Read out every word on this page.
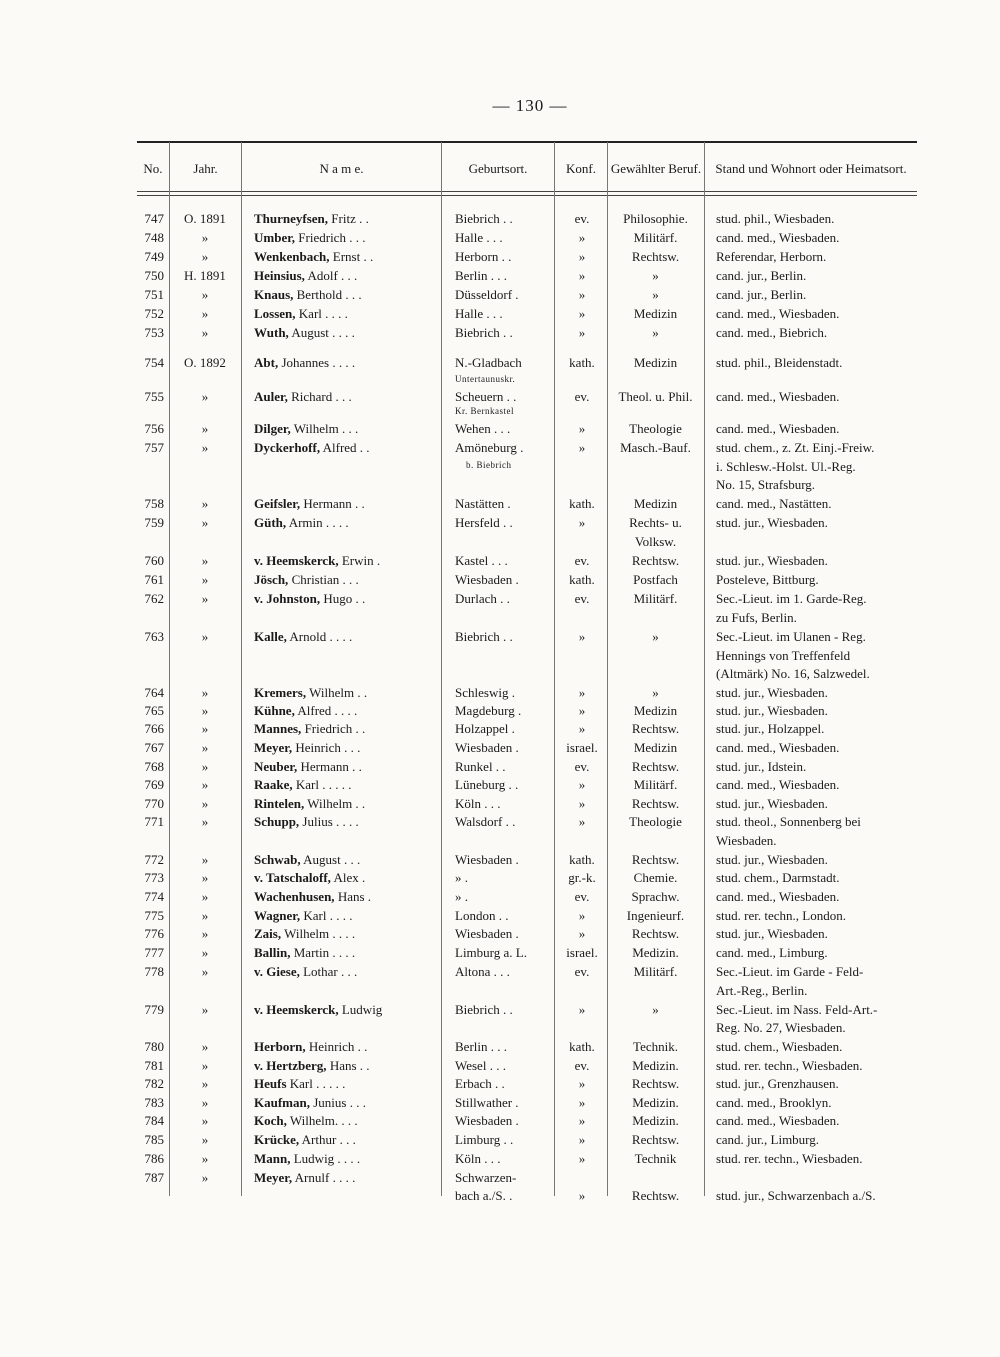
— 130 —
No.	Jahr.	N a m e.	Geburtsort.	Konf.	Gewählter Beruf.	Stand und Wohnort oder Heimatsort.
747	O. 1891	Thurneyfsen, Fritz . .	Biebrich . .	ev.	Philosophie.	stud. phil., Wiesbaden.
748	»	Umber, Friedrich . . .	Halle . . .	»	Militärf.	cand. med., Wiesbaden.
749	»	Wenkenbach, Ernst . .	Herborn . .	»	Rechtsw.	Referendar, Herborn.
750	H. 1891	Heinsius, Adolf . . .	Berlin . . .	»	»	cand. jur., Berlin.
751	»	Knaus, Berthold . . .	Düsseldorf .	»	»	cand. jur., Berlin.
752	»	Lossen, Karl . . . .	Halle . . .	»	Medizin	cand. med., Wiesbaden.
753	»	Wuth, August . . . .	Biebrich . .	»	»	cand. med., Biebrich.
754	O. 1892	Abt, Johannes . . . .	N.-Gladbach	kath.	Medizin	stud. phil., Bleidenstadt.
755	»	Auler, Richard . . .	Scheuern . .	ev.	Theol. u. Phil.	cand. med., Wiesbaden.
756	»	Dilger, Wilhelm . . .	Wehen . . .	»	Theologie	cand. med., Wiesbaden.
757	»	Dyckerhoff, Alfred . .	Amöneburg .	»	Masch.-Bauf.	stud. chem., z. Zt. Einj.-Freiw.
i. Schlesw.-Holst. Ul.-Reg.
No. 15, Strafsburg.
758	»	Geifsler, Hermann . .	Nastätten .	kath.	Medizin	cand. med., Nastätten.
759	»	Güth, Armin . . . .	Hersfeld . .	»	Rechts- u.	stud. jur., Wiesbaden.
Volksw.
760	»	v. Heemskerck, Erwin .	Kastel . . .	ev.	Rechtsw.	stud. jur., Wiesbaden.
761	»	Jösch, Christian . . .	Wiesbaden .	kath.	Postfach	Posteleve, Bittburg.
762	»	v. Johnston, Hugo . .	Durlach . .	ev.	Militärf.	Sec.-Lieut. im 1. Garde-Reg.
zu Fufs, Berlin.
763	»	Kalle, Arnold . . . .	Biebrich . .	»	»	Sec.-Lieut. im Ulanen - Reg.
Hennings von Treffenfeld
(Altmärk) No. 16, Salzwedel.
764	»	Kremers, Wilhelm . .	Schleswig .	»	»	stud. jur., Wiesbaden.
765	»	Kühne, Alfred . . . .	Magdeburg .	»	Medizin	stud. jur., Wiesbaden.
766	»	Mannes, Friedrich . .	Holzappel .	»	Rechtsw.	stud. jur., Holzappel.
767	»	Meyer, Heinrich . . .	Wiesbaden .	israel.	Medizin	cand. med., Wiesbaden.
768	»	Neuber, Hermann . .	Runkel . .	ev.	Rechtsw.	stud. jur., Idstein.
769	»	Raake, Karl . . . . .	Lüneburg . .	»	Militärf.	cand. med., Wiesbaden.
770	»	Rintelen, Wilhelm . .	Köln . . .	»	Rechtsw.	stud. jur., Wiesbaden.
771	»	Schupp, Julius . . . .	Walsdorf . .	»	Theologie	stud. theol., Sonnenberg bei
Wiesbaden.
772	»	Schwab, August . . .	Wiesbaden .	kath.	Rechtsw.	stud. jur., Wiesbaden.
773	»	v. Tatschaloff, Alex .	» .	gr.-k.	Chemie.	stud. chem., Darmstadt.
774	»	Wachenhusen, Hans .	» .	ev.	Sprachw.	cand. med., Wiesbaden.
775	»	Wagner, Karl . . . .	London . .	»	Ingenieurf.	stud. rer. techn., London.
776	»	Zais, Wilhelm . . . .	Wiesbaden .	»	Rechtsw.	stud. jur., Wiesbaden.
777	»	Ballin, Martin . . . .	Limburg a. L.	israel.	Medizin.	cand. med., Limburg.
778	»	v. Giese, Lothar . . .	Altona . . .	ev.	Militärf.	Sec.-Lieut. im Garde - Feld-
Art.-Reg., Berlin.
779	»	v. Heemskerck, Ludwig	Biebrich . .	»	»	Sec.-Lieut. im Nass. Feld-Art.-
Reg. No. 27, Wiesbaden.
780	»	Herborn, Heinrich . .	Berlin . . .	kath.	Technik.	stud. chem., Wiesbaden.
781	»	v. Hertzberg, Hans . .	Wesel . . .	ev.	Medizin.	stud. rer. techn., Wiesbaden.
782	»	Heufs Karl . . . . .	Erbach . .	»	Rechtsw.	stud. jur., Grenzhausen.
783	»	Kaufman, Junius . . .	Stillwather .	»	Medizin.	cand. med., Brooklyn.
784	»	Koch, Wilhelm. . . .	Wiesbaden .	»	Medizin.	cand. med., Wiesbaden.
785	»	Krücke, Arthur . . .	Limburg . .	»	Rechtsw.	cand. jur., Limburg.
786	»	Mann, Ludwig . . . .	Köln . . .	»	Technik	stud. rer. techn., Wiesbaden.
787	»	Meyer, Arnulf . . . .	Schwarzen-
bach a./S. .	»	Rechtsw.	stud. jur., Schwarzenbach a./S.
Untertaunuskr.
Kr. Bernkastel
b. Biebrich
